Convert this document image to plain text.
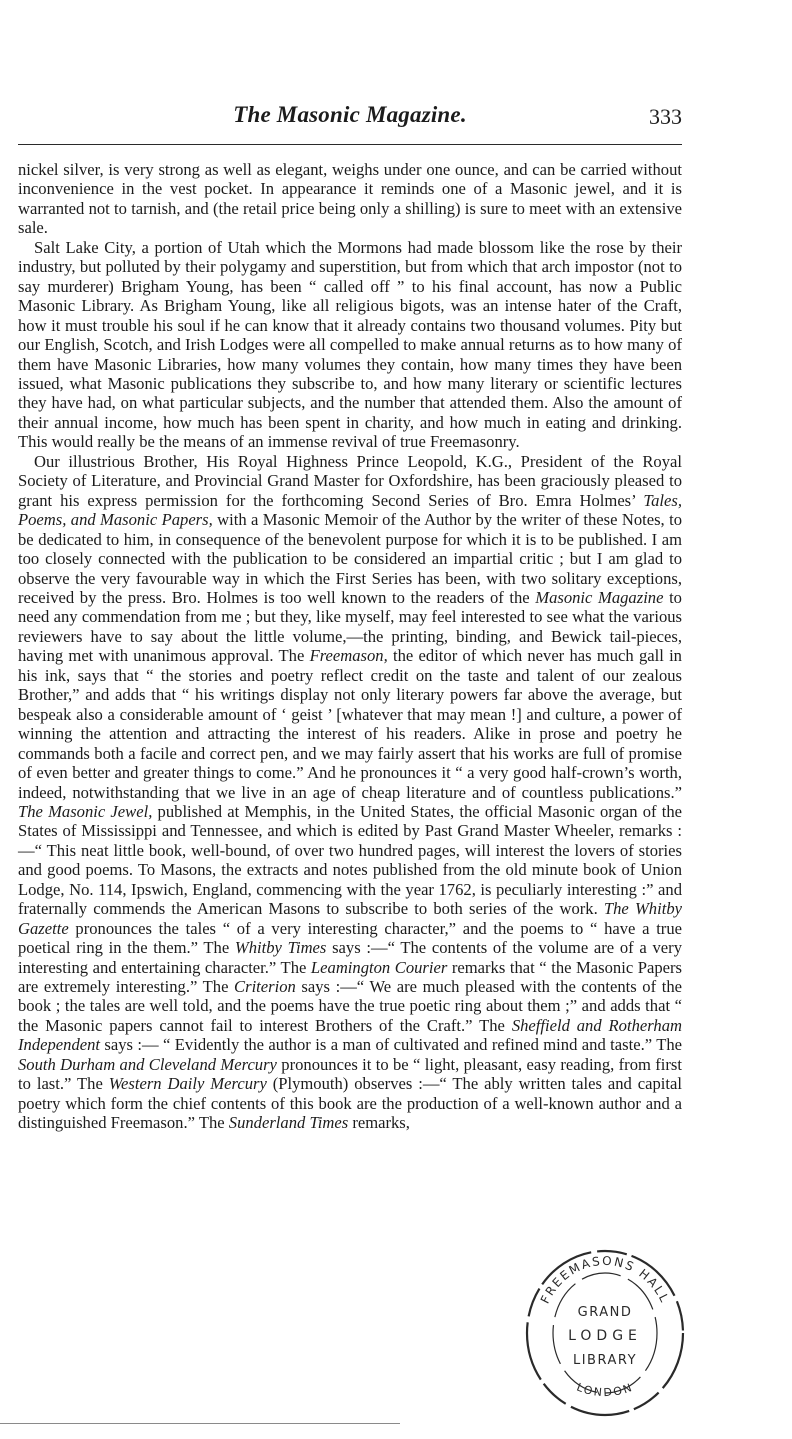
The Masonic Magazine.	333

nickel silver, is very strong as well as elegant, weighs under one ounce, and can be carried without inconvenience in the vest pocket. In appearance it reminds one of a Masonic jewel, and it is warranted not to tarnish, and (the retail price being only a shilling) is sure to meet with an extensive sale.

Salt Lake City, a portion of Utah which the Mormons had made blossom like the rose by their industry, but polluted by their polygamy and superstition, but from which that arch impostor (not to say murderer) Brigham Young, has been “ called off ” to his final account, has now a Public Masonic Library. As Brigham Young, like all religious bigots, was an intense hater of the Craft, how it must trouble his soul if he can know that it already contains two thousand volumes. Pity but our English, Scotch, and Irish Lodges were all compelled to make annual returns as to how many of them have Masonic Libraries, how many volumes they contain, how many times they have been issued, what Masonic publications they subscribe to, and how many literary or scientific lectures they have had, on what particular subjects, and the number that attended them. Also the amount of their annual income, how much has been spent in charity, and how much in eating and drinking. This would really be the means of an immense revival of true Freemasonry.

Our illustrious Brother, His Royal Highness Prince Leopold, K.G., President of the Royal Society of Literature, and Provincial Grand Master for Oxfordshire, has been graciously pleased to grant his express permission for the forthcoming Second Series of Bro. Emra Holmes’ Tales, Poems, and Masonic Papers, with a Masonic Memoir of the Author by the writer of these Notes, to be dedicated to him, in consequence of the benevolent purpose for which it is to be published. I am too closely connected with the publication to be considered an impartial critic ; but I am glad to observe the very favourable way in which the First Series has been, with two solitary exceptions, received by the press. Bro. Holmes is too well known to the readers of the Masonic Magazine to need any commendation from me ; but they, like myself, may feel interested to see what the various reviewers have to say about the little volume,—the printing, binding, and Bewick tail-pieces, having met with unanimous approval. The Freemason, the editor of which never has much gall in his ink, says that “ the stories and poetry reflect credit on the taste and talent of our zealous Brother,” and adds that “ his writings display not only literary powers far above the average, but bespeak also a considerable amount of ‘ geist ’ [whatever that may mean !] and culture, a power of winning the attention and attracting the interest of his readers. Alike in prose and poetry he commands both a facile and correct pen, and we may fairly assert that his works are full of promise of even better and greater things to come.” And he pronounces it “ a very good half-crown’s worth, indeed, notwithstanding that we live in an age of cheap literature and of countless publications.” The Masonic Jewel, published at Memphis, in the United States, the official Masonic organ of the States of Mississippi and Tennessee, and which is edited by Past Grand Master Wheeler, remarks :—“ This neat little book, well-bound, of over two hundred pages, will interest the lovers of stories and good poems. To Masons, the extracts and notes published from the old minute book of Union Lodge, No. 114, Ipswich, England, commencing with the year 1762, is peculiarly interesting :” and fraternally commends the American Masons to subscribe to both series of the work. The Whitby Gazette pronounces the tales “ of a very interesting character,” and the poems to “ have a true poetical ring in the them.” The Whitby Times says :—“ The contents of the volume are of a very interesting and entertaining character.” The Leamington Courier remarks that “ the Masonic Papers are extremely interesting.” The Criterion says :—“ We are much pleased with the contents of the book ; the tales are well told, and the poems have the true poetic ring about them ;” and adds that “ the Masonic papers cannot fail to interest Brothers of the Craft.” The Sheffield and Rotherham Independent says :— “ Evidently the author is a man of cultivated and refined mind and taste.” The South Durham and Cleveland Mercury pronounces it to be “ light, pleasant, easy reading, from first to last.” The Western Daily Mercury (Plymouth) observes :—“ The ably written tales and capital poetry which form the chief contents of this book are the production of a well-known author and a distinguished Freemason.” The Sunderland Times remarks,

FREEMASONS HALL
GRAND
LODGE
LIBRARY
LONDON
